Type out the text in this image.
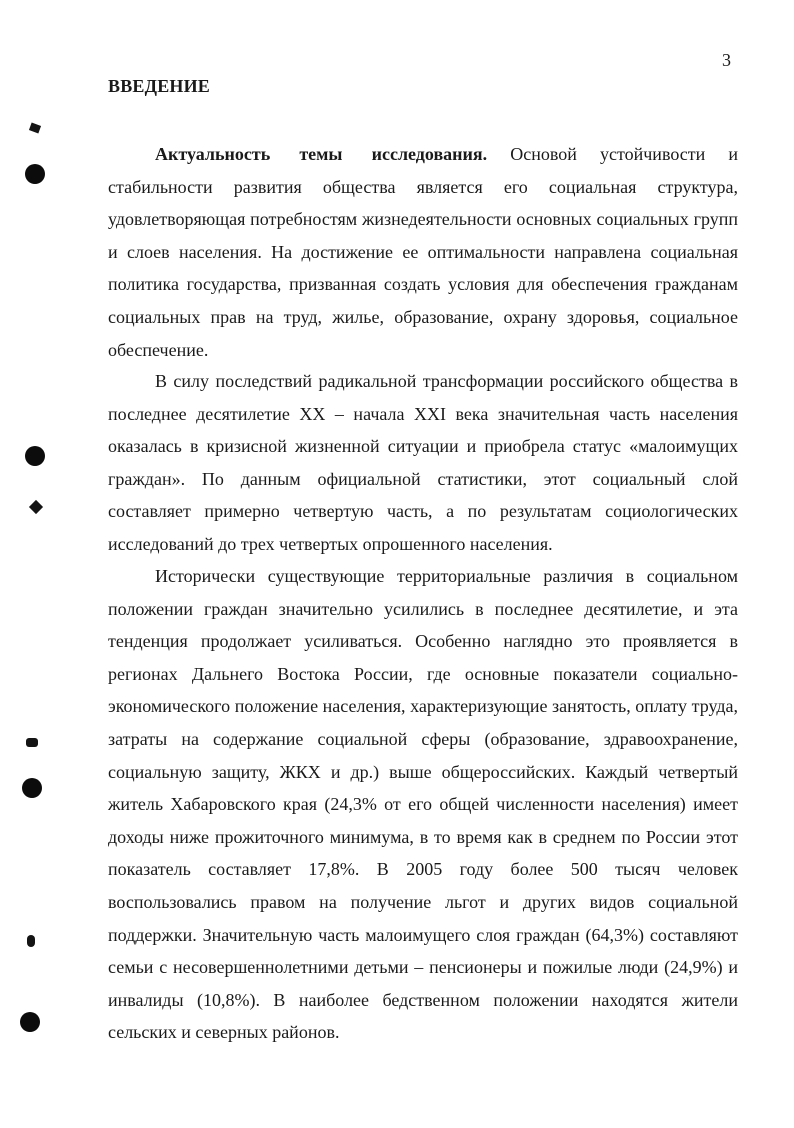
3
ВВЕДЕНИЕ

Актуальность темы исследования. Основой устойчивости и стабильности развития общества является его социальная структура, удовлетворяющая потребностям жизнедеятельности основных социальных групп и слоев населения. На достижение ее оптимальности направлена социальная политика государства, призванная создать условия для обеспечения гражданам социальных прав на труд, жилье, образование, охрану здоровья, социальное обеспечение.

В силу последствий радикальной трансформации российского общества в последнее десятилетие XX – начала XXI века значительная часть населения оказалась в кризисной жизненной ситуации и приобрела статус «малоимущих граждан». По данным официальной статистики, этот социальный слой составляет примерно четвертую часть, а по результатам социологических исследований до трех четвертых опрошенного населения.

Исторически существующие территориальные различия в социальном положении граждан значительно усилились в последнее десятилетие, и эта тенденция продолжает усиливаться. Особенно наглядно это проявляется в регионах Дальнего Востока России, где основные показатели социально-экономического положение населения, характеризующие занятость, оплату труда, затраты на содержание социальной сферы (образование, здравоохранение, социальную защиту, ЖКХ и др.) выше общероссийских. Каждый четвертый житель Хабаровского края (24,3% от его общей численности населения) имеет доходы ниже прожиточного минимума, в то время как в среднем по России этот показатель составляет 17,8%. В 2005 году более 500 тысяч человек воспользовались правом на получение льгот и других видов социальной поддержки. Значительную часть малоимущего слоя граждан (64,3%) составляют семьи с несовершеннолетними детьми – пенсионеры и пожилые люди (24,9%) и инвалиды (10,8%). В наиболее бедственном положении находятся жители сельских и северных районов.
